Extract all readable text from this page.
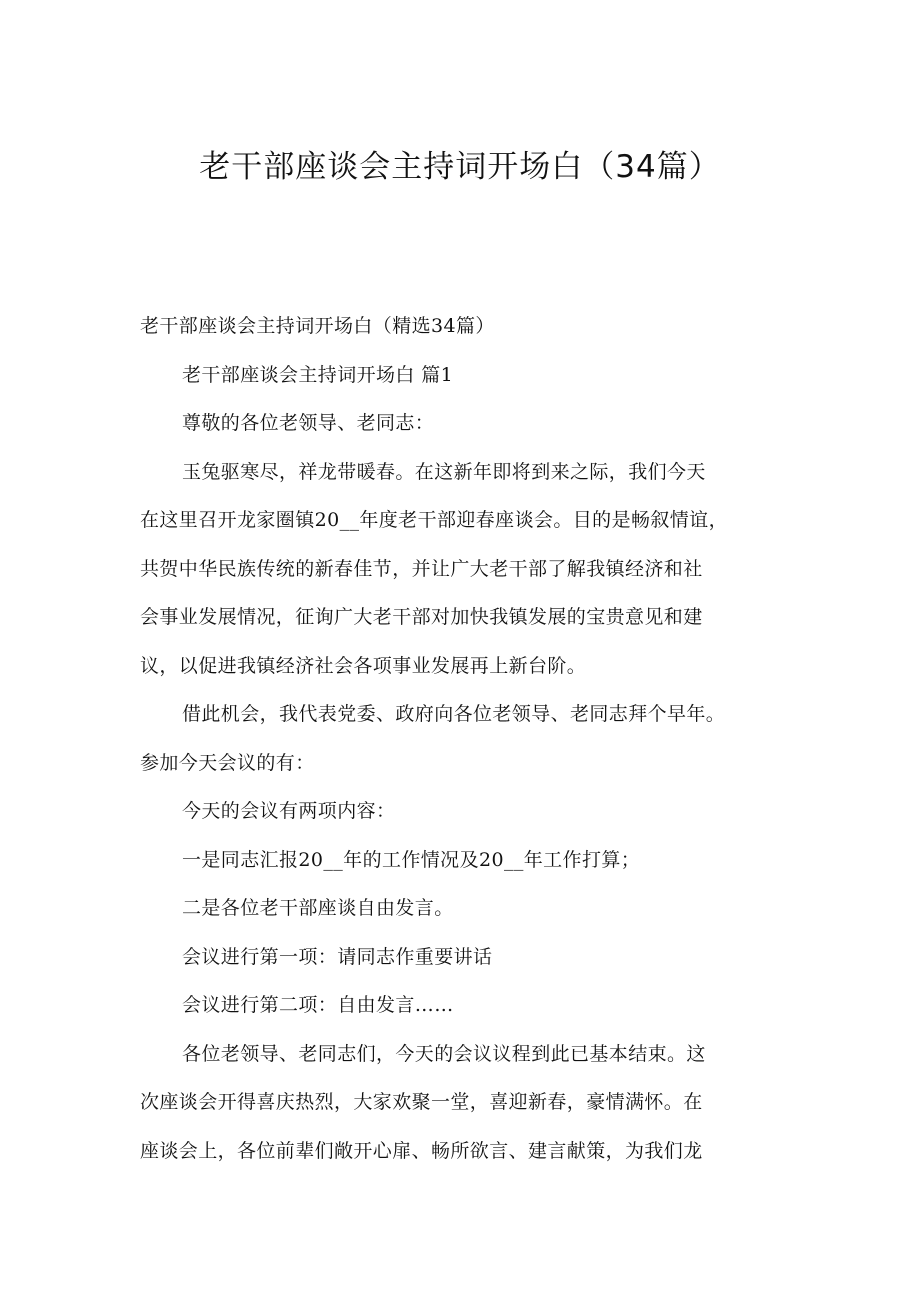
老干部座谈会主持词开场白（34篇）
老干部座谈会主持词开场白（精选34篇）
老干部座谈会主持词开场白 篇1
尊敬的各位老领导、老同志：
玉兔驱寒尽，祥龙带暖春。在这新年即将到来之际，我们今天
在这里召开龙家圈镇20__年度老干部迎春座谈会。目的是畅叙情谊，
共贺中华民族传统的新春佳节，并让广大老干部了解我镇经济和社
会事业发展情况，征询广大老干部对加快我镇发展的宝贵意见和建
议，以促进我镇经济社会各项事业发展再上新台阶。
借此机会，我代表党委、政府向各位老领导、老同志拜个早年。
参加今天会议的有：
今天的会议有两项内容：
一是同志汇报20__年的工作情况及20__年工作打算；
二是各位老干部座谈自由发言。
会议进行第一项：请同志作重要讲话
会议进行第二项：自由发言……
各位老领导、老同志们，今天的会议议程到此已基本结束。这
次座谈会开得喜庆热烈，大家欢聚一堂，喜迎新春，豪情满怀。在
座谈会上，各位前辈们敞开心扉、畅所欲言、建言献策，为我们龙
